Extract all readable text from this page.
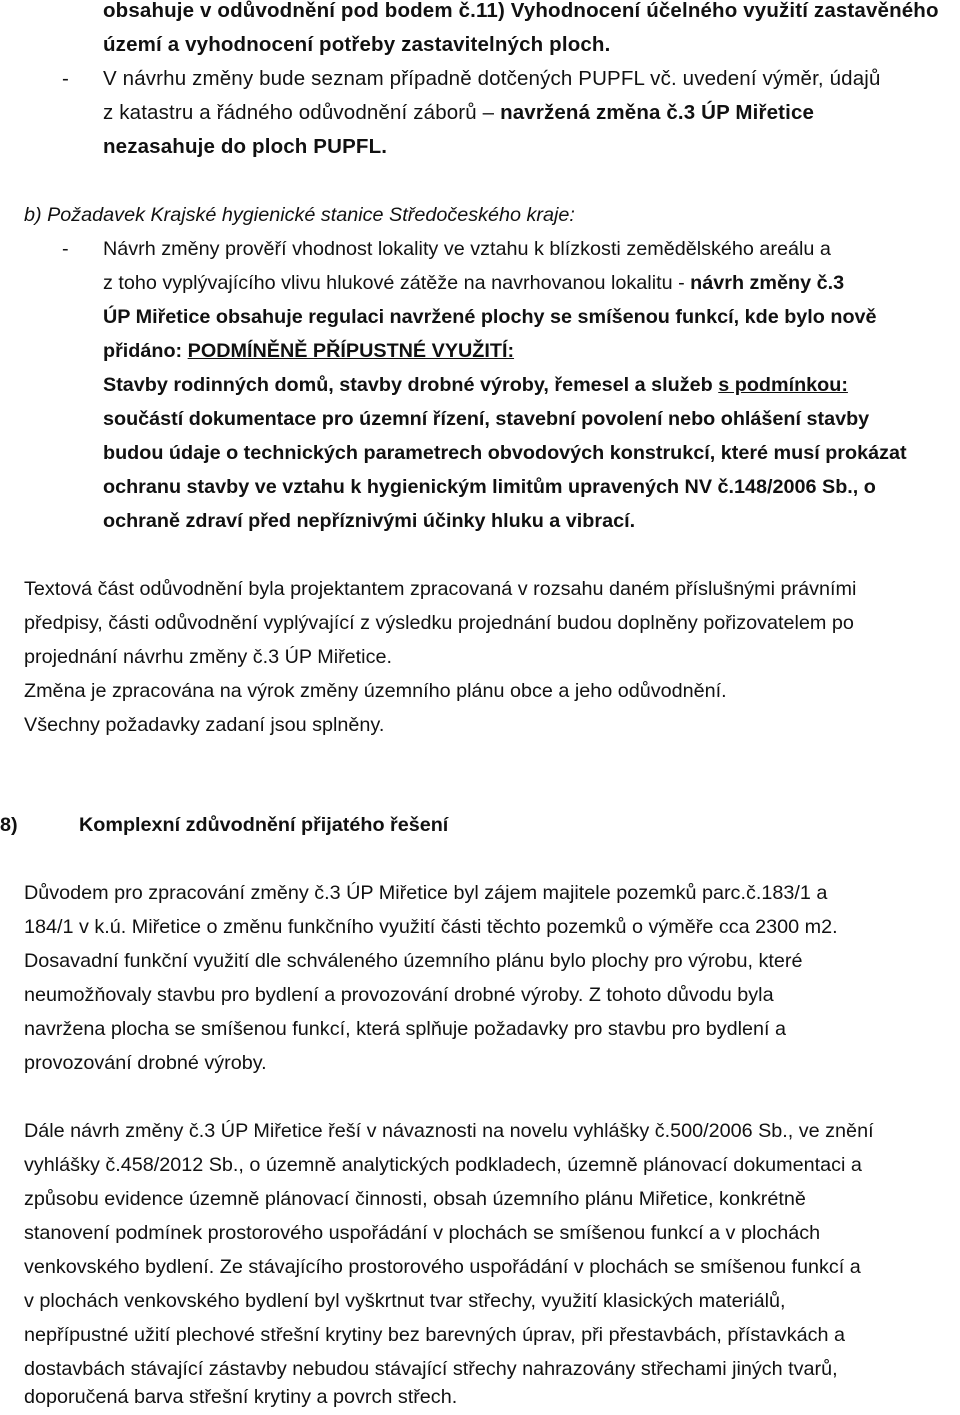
obsahuje v odůvodnění pod bodem č.11) Vyhodnocení účelného využití zastavěného
území a vyhodnocení potřeby zastavitelných ploch.
- V návrhu změny bude seznam případně dotčených PUPFL vč. uvedení výměr, údajů
z katastru a řádného odůvodnění záborů – navržená změna č.3 ÚP Miřetice
nezasahuje do ploch PUPFL.
b) Požadavek Krajské hygienické stanice Středočeského kraje:
- Návrh změny prověří vhodnost lokality ve vztahu k blízkosti zemědělského areálu a
z toho vyplývajícího vlivu hlukové zátěže na navrhovanou lokalitu - návrh změny č.3
ÚP Miřetice obsahuje regulaci navržené plochy se smíšenou funkcí, kde bylo nově
přidáno: PODMÍNĚNĚ PŘÍPUSTNÉ VYUŽITÍ:
Stavby rodinných domů, stavby drobné výroby, řemesel a služeb s podmínkou:
součástí dokumentace pro územní řízení, stavební povolení nebo ohlášení stavby
budou údaje o technických parametrech obvodových konstrukcí, které musí prokázat
ochranu stavby ve vztahu k hygienickým limitům upravených NV č.148/2006 Sb., o
ochraně zdraví před nepříznivými účinky hluku a vibrací.
Textová část odůvodnění byla projektantem zpracovaná v rozsahu daném příslušnými právními
předpisy, části odůvodnění vyplývající z výsledku projednání budou doplněny pořizovatelem po
projednání návrhu změny č.3 ÚP Miřetice.
Změna je zpracována na výrok změny územního plánu obce a jeho odůvodnění.
Všechny požadavky zadaní jsou splněny.
8)	Komplexní zdůvodnění přijatého řešení
Důvodem pro zpracování změny č.3 ÚP Miřetice byl zájem majitele pozemků parc.č.183/1 a
184/1 v k.ú. Miřetice o změnu funkčního využití části těchto pozemků o výměře cca 2300 m2.
Dosavadní funkční využití dle schváleného územního plánu bylo plochy pro výrobu, které
neumožňovaly stavbu pro bydlení a provozování drobné výroby. Z tohoto důvodu byla
navržena plocha se smíšenou funkcí, která splňuje požadavky pro stavbu pro bydlení a
provozování drobné výroby.
Dále návrh změny č.3 ÚP Miřetice řeší v návaznosti na novelu vyhlášky č.500/2006 Sb., ve znění
vyhlášky č.458/2012 Sb., o územně analytických podkladech, územně plánovací dokumentaci a
způsobu evidence územně plánovací činnosti, obsah územního plánu Miřetice, konkrétně
stanovení podmínek prostorového uspořádání v plochách se smíšenou funkcí a v plochách
venkovského bydlení. Ze stávajícího prostorového uspořádání v plochách se smíšenou funkcí a
v plochách venkovského bydlení byl vyškrtnut tvar střechy, využití klasických materiálů,
nepřípustné užití plechové střešní krytiny bez barevných úprav, při přestavbách, přístavkách a
dostavbách stávající zástavby nebudou stávající střechy nahrazovány střechami jiných tvarů,
doporučená barva střešní krytiny a povrch střech.
